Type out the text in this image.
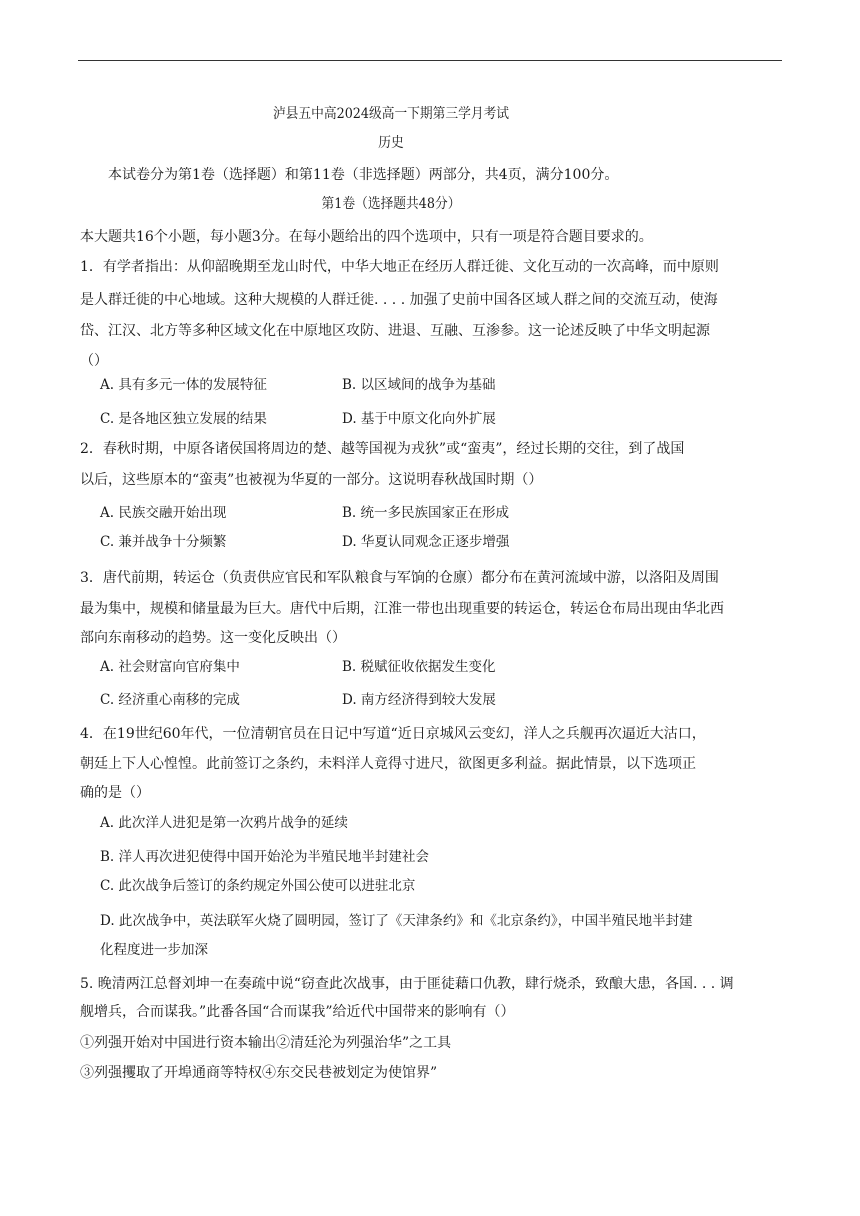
泸县五中高2024级高一下期第三学月考试
历史
本试卷分为第1卷（选择题）和第11卷（非选择题）两部分，共4页，满分100分。
第1卷（选择题共48分）
本大题共16个小题，每小题3分。在每小题给出的四个选项中，只有一项是符合题目要求的。
1．有学者指出：从仰韶晚期至龙山时代，中华大地正在经历人群迁徙、文化互动的一次高峰，而中原则
是人群迁徙的中心地域。这种大规模的人群迁徙. . . . 加强了史前中国各区域人群之间的交流互动，使海
岱、江汉、北方等多种区域文化在中原地区攻防、进退、互融、互渗参。这一论述反映了中华文明起源
（）
A. 具有多元一体的发展特征	B. 以区域间的战争为基础
C. 是各地区独立发展的结果	D. 基于中原文化向外扩展
2．春秋时期，中原各诸侯国将周边的楚、越等国视为戎狄”或“蛮夷”，经过长期的交往，到了战国
以后，这些原本的“蛮夷”也被视为华夏的一部分。这说明春秋战国时期（）
A. 民族交融开始出现	B. 统一多民族国家正在形成
C. 兼并战争十分频繁	D. 华夏认同观念正逐步增强
3．唐代前期，转运仓（负责供应官民和军队粮食与军饷的仓廪）都分布在黄河流域中游，以洛阳及周围
最为集中，规模和储量最为巨大。唐代中后期，江淮一带也出现重要的转运仓，转运仓布局出现由华北西
部向东南移动的趋势。这一变化反映出（）
A. 社会财富向官府集中	B. 税赋征收依据发生变化
C. 经济重心南移的完成	D. 南方经济得到较大发展
4．在19世纪60年代，一位清朝官员在日记中写道“近日京城风云变幻，洋人之兵舰再次逼近大沽口，
朝廷上下人心惶惶。此前签订之条约，未料洋人竟得寸进尺，欲图更多利益。据此情景，以下选项正
确的是（）
A. 此次洋人进犯是第一次鸦片战争的延续
B. 洋人再次进犯使得中国开始沦为半殖民地半封建社会
C. 此次战争后签订的条约规定外国公使可以进驻北京
D. 此次战争中，英法联军火烧了圆明园，签订了《天津条约》和《北京条约》，中国半殖民地半封建
化程度进一步加深
5. 晚清两江总督刘坤一在奏疏中说“窃查此次战事，由于匪徒藉口仇教，肆行烧杀，致酿大患，各国. . . 调
舰增兵，合而谋我。”此番各国“合而谋我”给近代中国带来的影响有（）
①列强开始对中国进行资本输出②清廷沦为列强治华”之工具
③列强攫取了开埠通商等特权④东交民巷被划定为使馆界”
